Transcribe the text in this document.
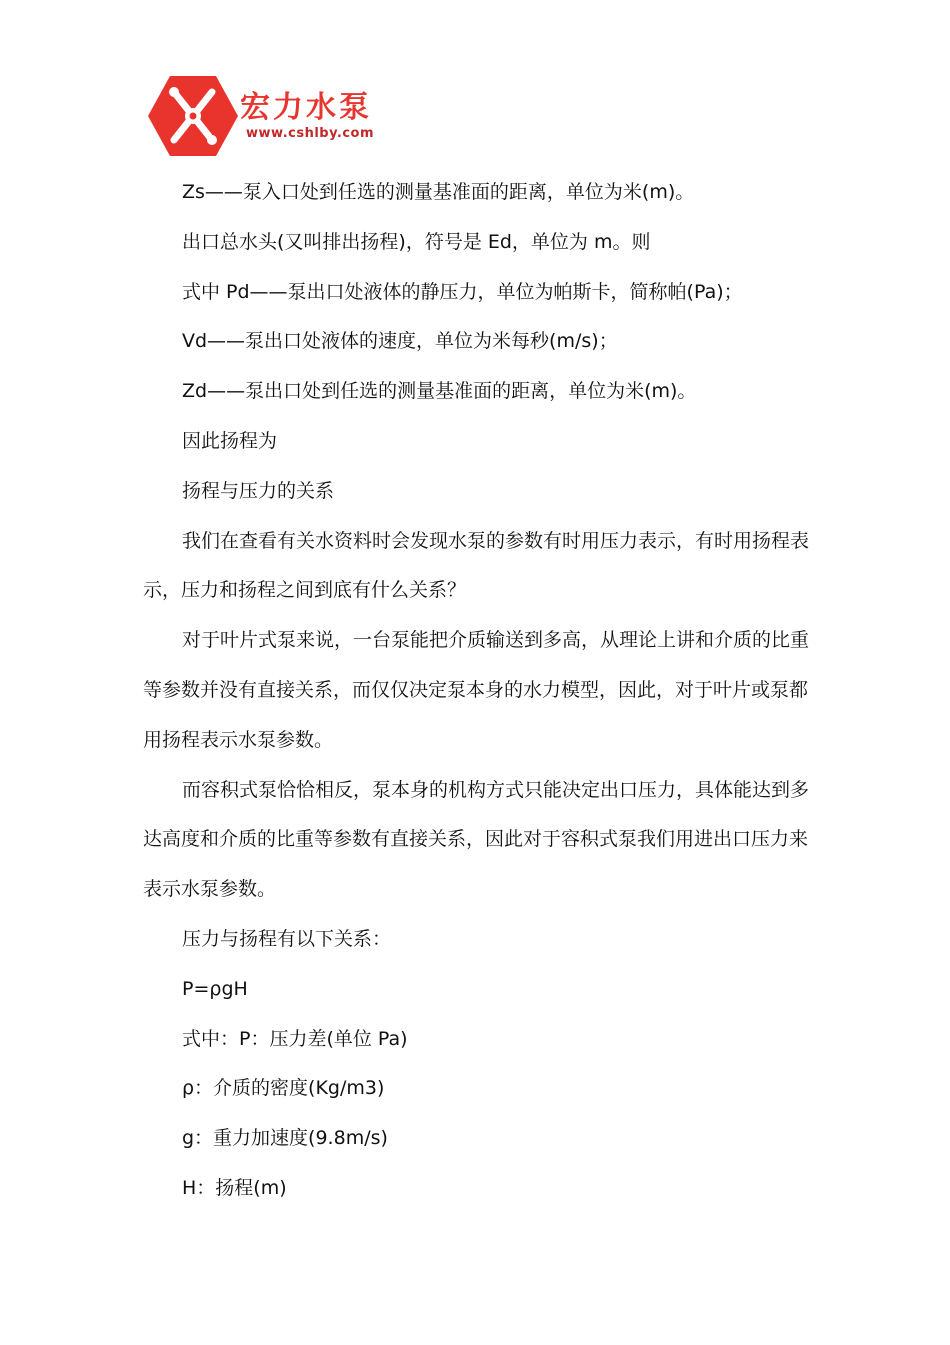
宏力水泵
www.cshlby.com
Zs——泵入口处到任选的测量基准面的距离，单位为米(m)。
出口总水头(又叫排出扬程)，符号是 Ed，单位为 m。则
式中 Pd——泵出口处液体的静压力，单位为帕斯卡，简称帕(Pa)；
Vd——泵出口处液体的速度，单位为米每秒(m/s)；
Zd——泵出口处到任选的测量基准面的距离，单位为米(m)。
因此扬程为
扬程与压力的关系
我们在查看有关水资料时会发现水泵的参数有时用压力表示，有时用扬程表
示，压力和扬程之间到底有什么关系？
对于叶片式泵来说，一台泵能把介质输送到多高，从理论上讲和介质的比重
等参数并没有直接关系，而仅仅决定泵本身的水力模型，因此，对于叶片或泵都
用扬程表示水泵参数。
而容积式泵恰恰相反，泵本身的机构方式只能决定出口压力，具体能达到多
达高度和介质的比重等参数有直接关系，因此对于容积式泵我们用进出口压力来
表示水泵参数。
压力与扬程有以下关系：
P=ρgH
式中：P：压力差(单位 Pa)
ρ：介质的密度(Kg/m3)
g：重力加速度(9.8m/s)
H：扬程(m)
